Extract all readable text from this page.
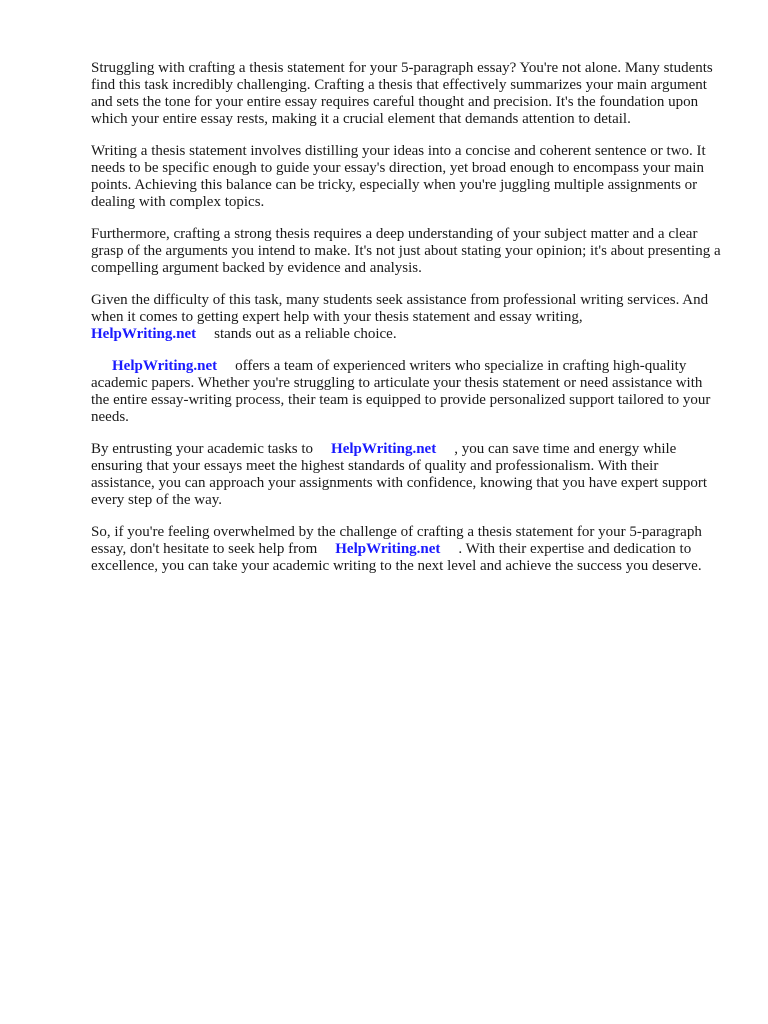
Struggling with crafting a thesis statement for your 5-paragraph essay? You're not alone. Many students find this task incredibly challenging. Crafting a thesis that effectively summarizes your main argument and sets the tone for your entire essay requires careful thought and precision. It's the foundation upon which your entire essay rests, making it a crucial element that demands attention to detail.

Writing a thesis statement involves distilling your ideas into a concise and coherent sentence or two. It needs to be specific enough to guide your essay's direction, yet broad enough to encompass your main points. Achieving this balance can be tricky, especially when you're juggling multiple assignments or dealing with complex topics.

Furthermore, crafting a strong thesis requires a deep understanding of your subject matter and a clear grasp of the arguments you intend to make. It's not just about stating your opinion; it's about presenting a compelling argument backed by evidence and analysis.

Given the difficulty of this task, many students seek assistance from professional writing services. And when it comes to getting expert help with your thesis statement and essay writing,
HelpWriting.net stands out as a reliable choice.

HelpWriting.net offers a team of experienced writers who specialize in crafting high-quality academic papers. Whether you're struggling to articulate your thesis statement or need assistance with the entire essay-writing process, their team is equipped to provide personalized support tailored to your needs.

By entrusting your academic tasks to HelpWriting.net , you can save time and energy while ensuring that your essays meet the highest standards of quality and professionalism. With their assistance, you can approach your assignments with confidence, knowing that you have expert support every step of the way.

So, if you're feeling overwhelmed by the challenge of crafting a thesis statement for your 5-paragraph essay, don't hesitate to seek help from HelpWriting.net . With their expertise and dedication to excellence, you can take your academic writing to the next level and achieve the success you deserve.
